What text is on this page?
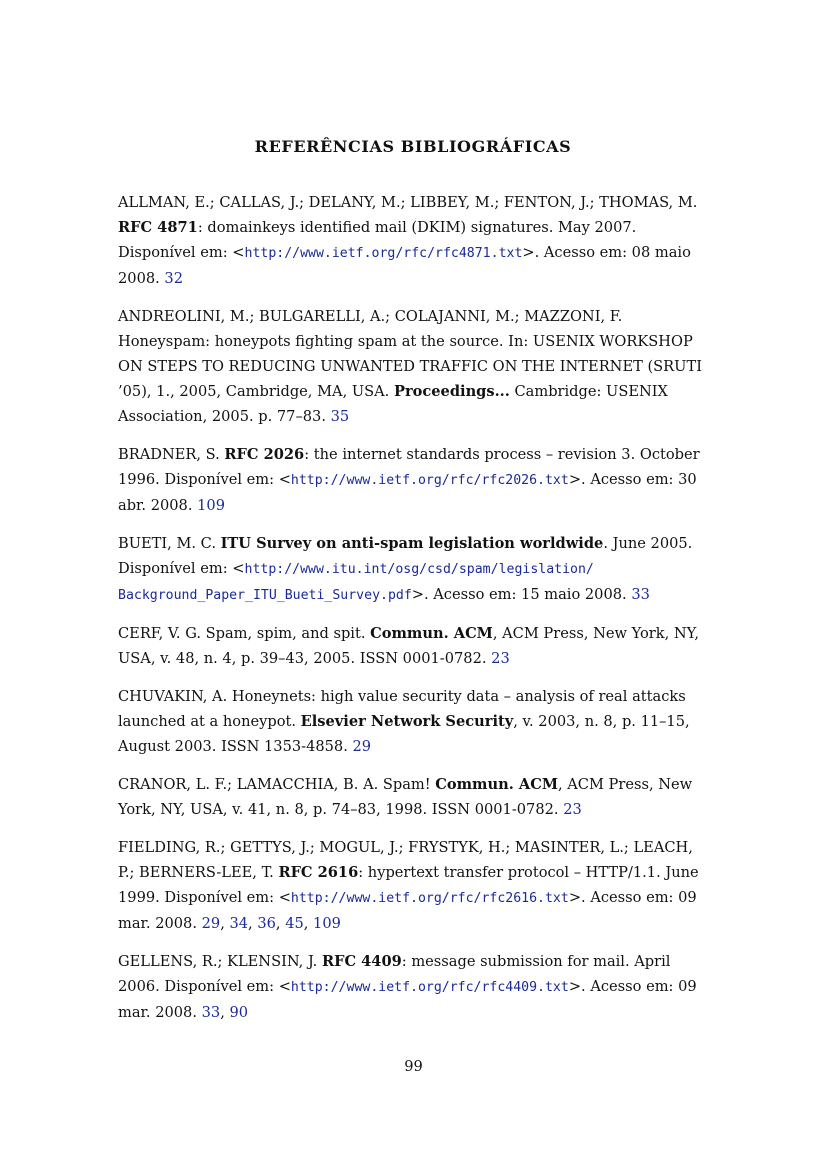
REFERÊNCIAS BIBLIOGRÁFICAS

ALLMAN, E.; CALLAS, J.; DELANY, M.; LIBBEY, M.; FENTON, J.; THOMAS, M. RFC 4871: domainkeys identified mail (DKIM) signatures. May 2007. Disponível em: <http://www.ietf.org/rfc/rfc4871.txt>. Acesso em: 08 maio 2008. 32

ANDREOLINI, M.; BULGARELLI, A.; COLAJANNI, M.; MAZZONI, F. Honeyspam: honeypots fighting spam at the source. In: USENIX WORKSHOP ON STEPS TO REDUCING UNWANTED TRAFFIC ON THE INTERNET (SRUTI ’05), 1., 2005, Cambridge, MA, USA. Proceedings... Cambridge: USENIX Association, 2005. p. 77–83. 35

BRADNER, S. RFC 2026: the internet standards process – revision 3. October 1996. Disponível em: <http://www.ietf.org/rfc/rfc2026.txt>. Acesso em: 30 abr. 2008. 109

BUETI, M. C. ITU Survey on anti-spam legislation worldwide. June 2005. Disponível em: <http://www.itu.int/osg/csd/spam/legislation/ Background_Paper_ITU_Bueti_Survey.pdf>. Acesso em: 15 maio 2008. 33

CERF, V. G. Spam, spim, and spit. Commun. ACM, ACM Press, New York, NY, USA, v. 48, n. 4, p. 39–43, 2005. ISSN 0001-0782. 23

CHUVAKIN, A. Honeynets: high value security data – analysis of real attacks launched at a honeypot. Elsevier Network Security, v. 2003, n. 8, p. 11–15, August 2003. ISSN 1353-4858. 29

CRANOR, L. F.; LAMACCHIA, B. A. Spam! Commun. ACM, ACM Press, New York, NY, USA, v. 41, n. 8, p. 74–83, 1998. ISSN 0001-0782. 23

FIELDING, R.; GETTYS, J.; MOGUL, J.; FRYSTYK, H.; MASINTER, L.; LEACH, P.; BERNERS-LEE, T. RFC 2616: hypertext transfer protocol – HTTP/1.1. June 1999. Disponível em: <http://www.ietf.org/rfc/rfc2616.txt>. Acesso em: 09 mar. 2008. 29, 34, 36, 45, 109

GELLENS, R.; KLENSIN, J. RFC 4409: message submission for mail. April 2006. Disponível em: <http://www.ietf.org/rfc/rfc4409.txt>. Acesso em: 09 mar. 2008. 33, 90

99
